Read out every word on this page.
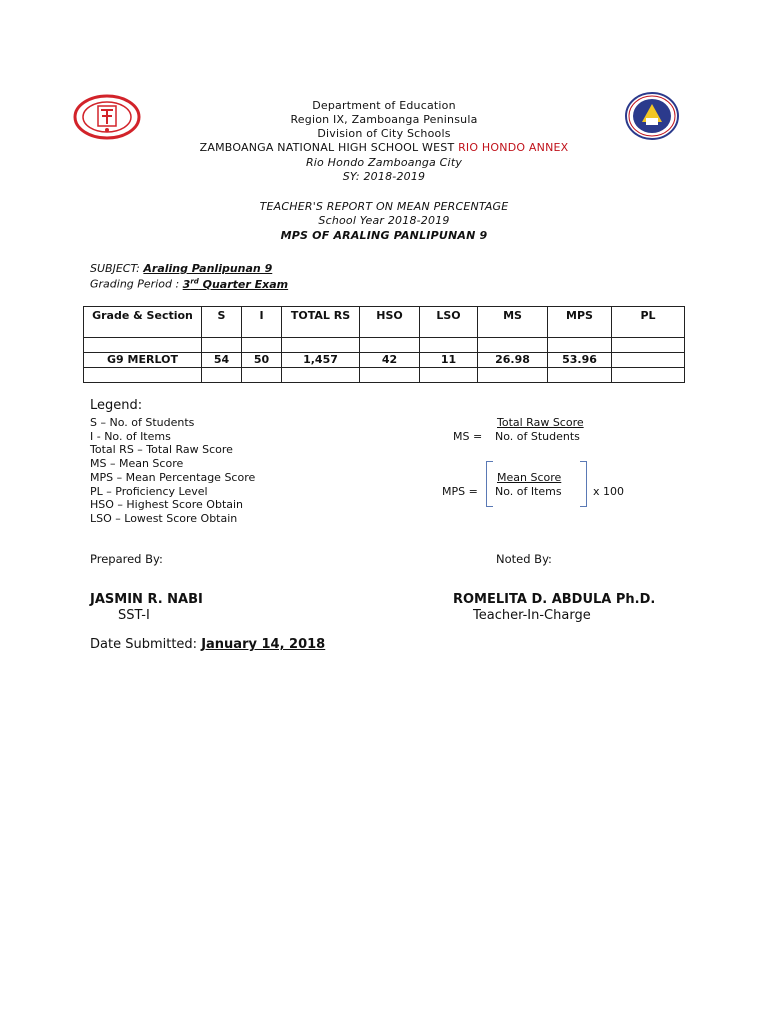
Department of Education
Region IX, Zamboanga Peninsula
Division of City Schools
ZAMBOANGA NATIONAL HIGH SCHOOL WEST RIO HONDO ANNEX
Rio Hondo Zamboanga City
SY: 2018-2019
TEACHER'S REPORT ON MEAN PERCENTAGE
School Year 2018-2019
MPS OF ARALING PANLIPUNAN 9
SUBJECT: Araling Panlipunan 9
Grading Period : 3rd Quarter Exam
Grade & Section	S	I	TOTAL RS	HSO	LSO	MS	MPS	PL

G9 MERLOT	54	50	1,457	42	11	26.98	53.96	

Legend:
S – No. of Students
I - No. of Items
Total RS – Total Raw Score
MS – Mean Score
MPS – Mean Percentage Score
PL – Proficiency Level
HSO – Highest Score Obtain
LSO – Lowest Score Obtain
Total Raw Score
MS = No. of Students
Mean Score
MPS = No. of Items	x 100
Prepared By:	Noted By:
JASMIN R. NABI
SST-I
ROMELITA D. ABDULA Ph.D.
Teacher-In-Charge
Date Submitted: January 14, 2018
